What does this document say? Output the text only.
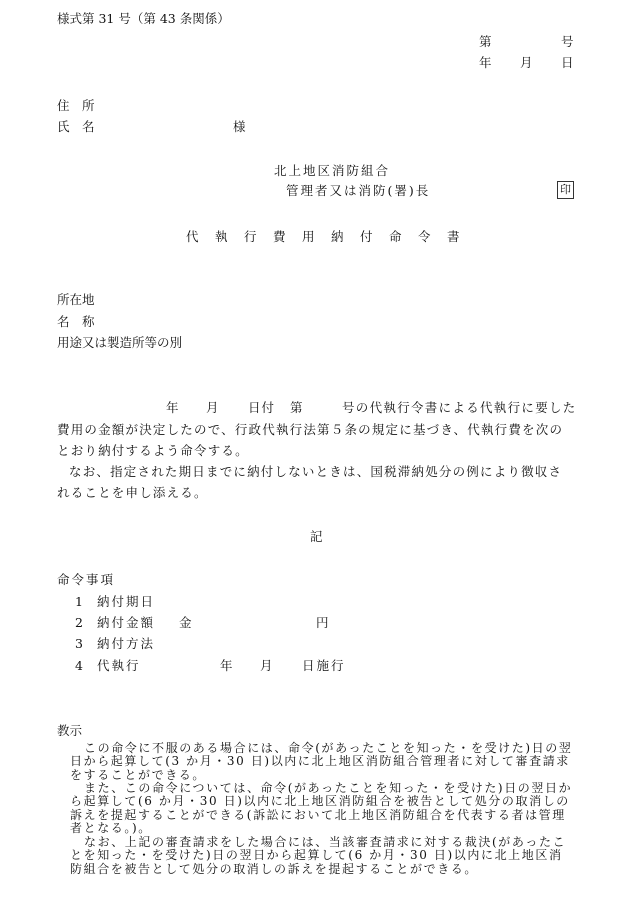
様式第 31 号（第 43 条関係）
第	号
年 月 日
住　所
氏　名	様
北上地区消防組合
管理者又は消防(署)長	印
代 執 行 費 用 納 付 命 令 書
所在地
名　称
用途又は製造所等の別
年 月 日付 第	号の代執行令書による代執行に要した
費用の金額が決定したので、行政代執行法第５条の規定に基づき、代執行費を次のとおり納付するよう命令する。
なお、指定された期日までに納付しないときは、国税滞納処分の例により徴収されることを申し添える。
記
命令事項
1 納付期日
2 納付金額 金	円
3 納付方法
4 代執行	年 月 日施行
教示
この命令に不服のある場合には、命令(があったことを知った・を受けた)日の翌日から起算して(3 か月・30 日)以内に北上地区消防組合管理者に対して審査請求をすることができる。
また、この命令については、命令(があったことを知った・を受けた)日の翌日から起算して(6 か月・30 日)以内に北上地区消防組合を被告として処分の取消しの訴えを提起することができる(訴訟において北上地区消防組合を代表する者は管理者となる。)。
なお、上記の審査請求をした場合には、当該審査請求に対する裁決(があったことを知った・を受けた)日の翌日から起算して(6 か月・30 日)以内に北上地区消防組合を被告として処分の取消しの訴えを提起することができる。
